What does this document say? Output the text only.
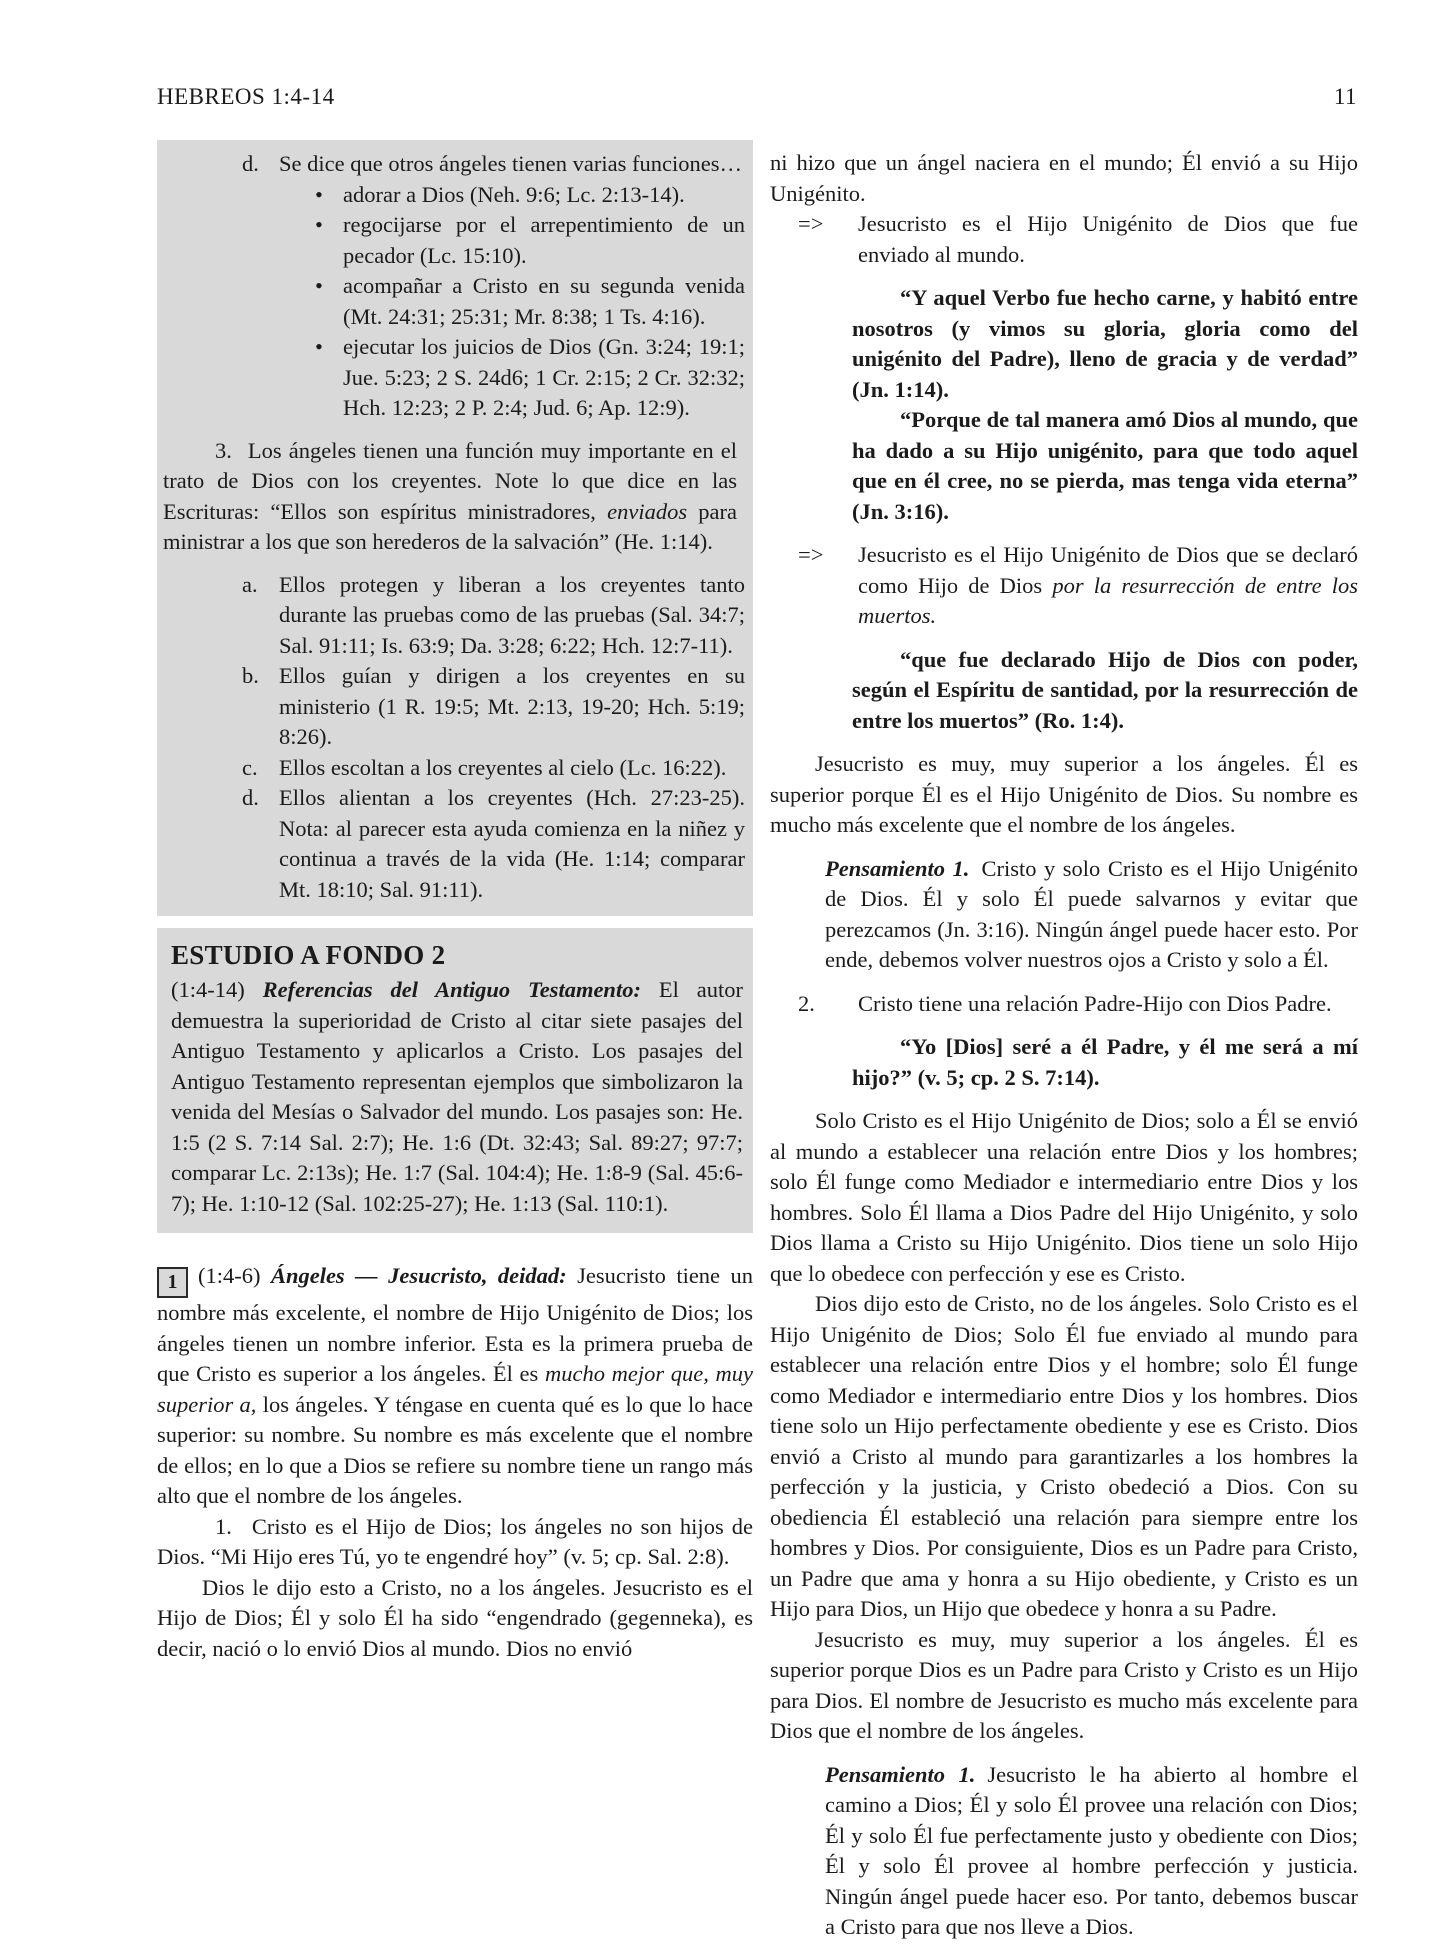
HEBREOS 1:4-14	11

d. Se dice que otros ángeles tienen varias funciones…

• adorar a Dios (Neh. 9:6; Lc. 2:13-14).

• regocijarse por el arrepentimiento de un pecador (Lc. 15:10).

• acompañar a Cristo en su segunda venida (Mt. 24:31; 25:31; Mr. 8:38; 1 Ts. 4:16).

• ejecutar los juicios de Dios (Gn. 3:24; 19:1; Jue. 5:23; 2 S. 24d6; 1 Cr. 2:15; 2 Cr. 32:32; Hch. 12:23; 2 P. 2:4; Jud. 6; Ap. 12:9).

3. Los ángeles tienen una función muy importante en el trato de Dios con los creyentes. Note lo que dice en las Escrituras: “Ellos son espíritus ministradores, enviados para ministrar a los que son herederos de la salvación” (He. 1:14).

a. Ellos protegen y liberan a los creyentes tanto durante las pruebas como de las pruebas (Sal. 34:7; Sal. 91:11; Is. 63:9; Da. 3:28; 6:22; Hch. 12:7-11).

b. Ellos guían y dirigen a los creyentes en su ministerio (1 R. 19:5; Mt. 2:13, 19-20; Hch. 5:19; 8:26).

c. Ellos escoltan a los creyentes al cielo (Lc. 16:22).

d. Ellos alientan a los creyentes (Hch. 27:23-25). Nota: al parecer esta ayuda comienza en la niñez y continua a través de la vida (He. 1:14; comparar Mt. 18:10; Sal. 91:11).

ESTUDIO A FONDO 2

(1:4-14) Referencias del Antiguo Testamento: El autor demuestra la superioridad de Cristo al citar siete pasajes del Antiguo Testamento y aplicarlos a Cristo. Los pasajes del Antiguo Testamento representan ejemplos que simbolizaron la venida del Mesías o Salvador del mundo. Los pasajes son: He. 1:5 (2 S. 7:14 Sal. 2:7); He. 1:6 (Dt. 32:43; Sal. 89:27; 97:7; comparar Lc. 2:13s); He. 1:7 (Sal. 104:4); He. 1:8-9 (Sal. 45:6-7); He. 1:10-12 (Sal. 102:25-27); He. 1:13 (Sal. 110:1).

1 (1:4-6) Ángeles — Jesucristo, deidad: Jesucristo tiene un nombre más excelente, el nombre de Hijo Unigénito de Dios; los ángeles tienen un nombre inferior. Esta es la primera prueba de que Cristo es superior a los ángeles. Él es mucho mejor que, muy superior a, los ángeles. Y téngase en cuenta qué es lo que lo hace superior: su nombre. Su nombre es más excelente que el nombre de ellos; en lo que a Dios se refiere su nombre tiene un rango más alto que el nombre de los ángeles.

1. Cristo es el Hijo de Dios; los ángeles no son hijos de Dios. “Mi Hijo eres Tú, yo te engendré hoy” (v. 5; cp. Sal. 2:8).

Dios le dijo esto a Cristo, no a los ángeles. Jesucristo es el Hijo de Dios; Él y solo Él ha sido “engendrado (gegenneka), es decir, nació o lo envió Dios al mundo. Dios no envió

ni hizo que un ángel naciera en el mundo; Él envió a su Hijo Unigénito.

=> Jesucristo es el Hijo Unigénito de Dios que fue enviado al mundo.

“Y aquel Verbo fue hecho carne, y habitó entre nosotros (y vimos su gloria, gloria como del unigénito del Padre), lleno de gracia y de verdad” (Jn. 1:14).

“Porque de tal manera amó Dios al mundo, que ha dado a su Hijo unigénito, para que todo aquel que en él cree, no se pierda, mas tenga vida eterna” (Jn. 3:16).

=> Jesucristo es el Hijo Unigénito de Dios que se declaró como Hijo de Dios por la resurrección de entre los muertos.

“que fue declarado Hijo de Dios con poder, según el Espíritu de santidad, por la resurrección de entre los muertos” (Ro. 1:4).

Jesucristo es muy, muy superior a los ángeles. Él es superior porque Él es el Hijo Unigénito de Dios. Su nombre es mucho más excelente que el nombre de los ángeles.

Pensamiento 1. Cristo y solo Cristo es el Hijo Unigénito de Dios. Él y solo Él puede salvarnos y evitar que perezcamos (Jn. 3:16). Ningún ángel puede hacer esto. Por ende, debemos volver nuestros ojos a Cristo y solo a Él.

2. Cristo tiene una relación Padre-Hijo con Dios Padre.

“Yo [Dios] seré a él Padre, y él me será a mí hijo?” (v. 5; cp. 2 S. 7:14).

Solo Cristo es el Hijo Unigénito de Dios; solo a Él se envió al mundo a establecer una relación entre Dios y los hombres; solo Él funge como Mediador e intermediario entre Dios y los hombres. Solo Él llama a Dios Padre del Hijo Unigénito, y solo Dios llama a Cristo su Hijo Unigénito. Dios tiene un solo Hijo que lo obedece con perfección y ese es Cristo.

Dios dijo esto de Cristo, no de los ángeles. Solo Cristo es el Hijo Unigénito de Dios; Solo Él fue enviado al mundo para establecer una relación entre Dios y el hombre; solo Él funge como Mediador e intermediario entre Dios y los hombres. Dios tiene solo un Hijo perfectamente obediente y ese es Cristo. Dios envió a Cristo al mundo para garantizarles a los hombres la perfección y la justicia, y Cristo obedeció a Dios. Con su obediencia Él estableció una relación para siempre entre los hombres y Dios. Por consiguiente, Dios es un Padre para Cristo, un Padre que ama y honra a su Hijo obediente, y Cristo es un Hijo para Dios, un Hijo que obedece y honra a su Padre.

Jesucristo es muy, muy superior a los ángeles. Él es superior porque Dios es un Padre para Cristo y Cristo es un Hijo para Dios. El nombre de Jesucristo es mucho más excelente para Dios que el nombre de los ángeles.

Pensamiento 1. Jesucristo le ha abierto al hombre el camino a Dios; Él y solo Él provee una relación con Dios; Él y solo Él fue perfectamente justo y obediente con Dios; Él y solo Él provee al hombre perfección y justicia. Ningún ángel puede hacer eso. Por tanto, debemos buscar a Cristo para que nos lleve a Dios.
